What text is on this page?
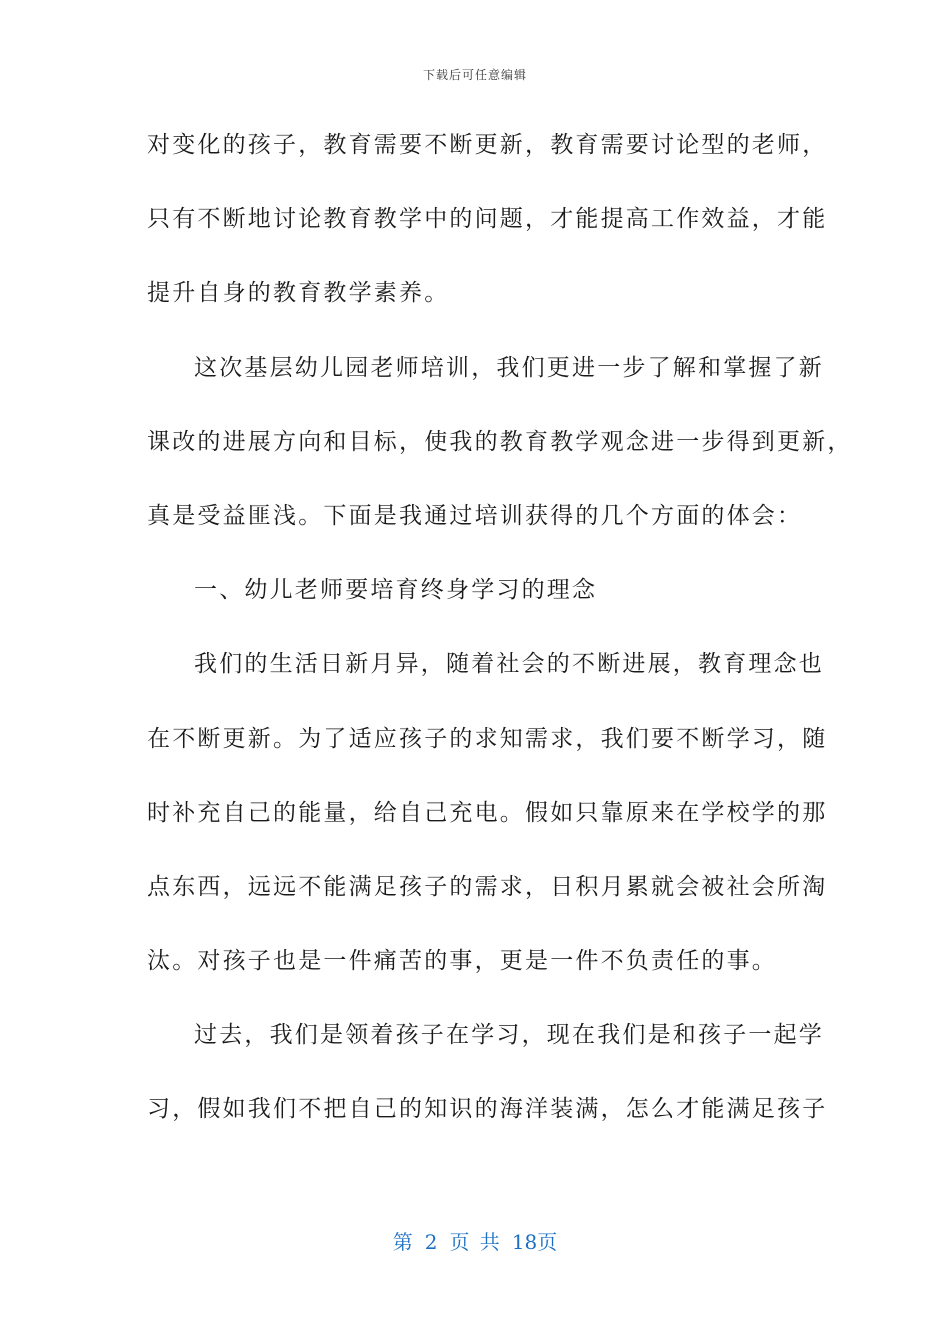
下载后可任意编辑
对变化的孩子，教育需要不断更新，教育需要讨论型的老师，
只有不断地讨论教育教学中的问题，才能提高工作效益，才能
提升自身的教育教学素养。
这次基层幼儿园老师培训，我们更进一步了解和掌握了新
课改的进展方向和目标，使我的教育教学观念进一步得到更新，
真是受益匪浅。下面是我通过培训获得的几个方面的体会：
一、幼儿老师要培育终身学习的理念
我们的生活日新月异，随着社会的不断进展，教育理念也
在不断更新。为了适应孩子的求知需求，我们要不断学习，随
时补充自己的能量，给自己充电。假如只靠原来在学校学的那
点东西，远远不能满足孩子的需求，日积月累就会被社会所淘
汰。对孩子也是一件痛苦的事，更是一件不负责任的事。
过去，我们是领着孩子在学习，现在我们是和孩子一起学
习，假如我们不把自己的知识的海洋装满，怎么才能满足孩子
第 2 页 共 18页
